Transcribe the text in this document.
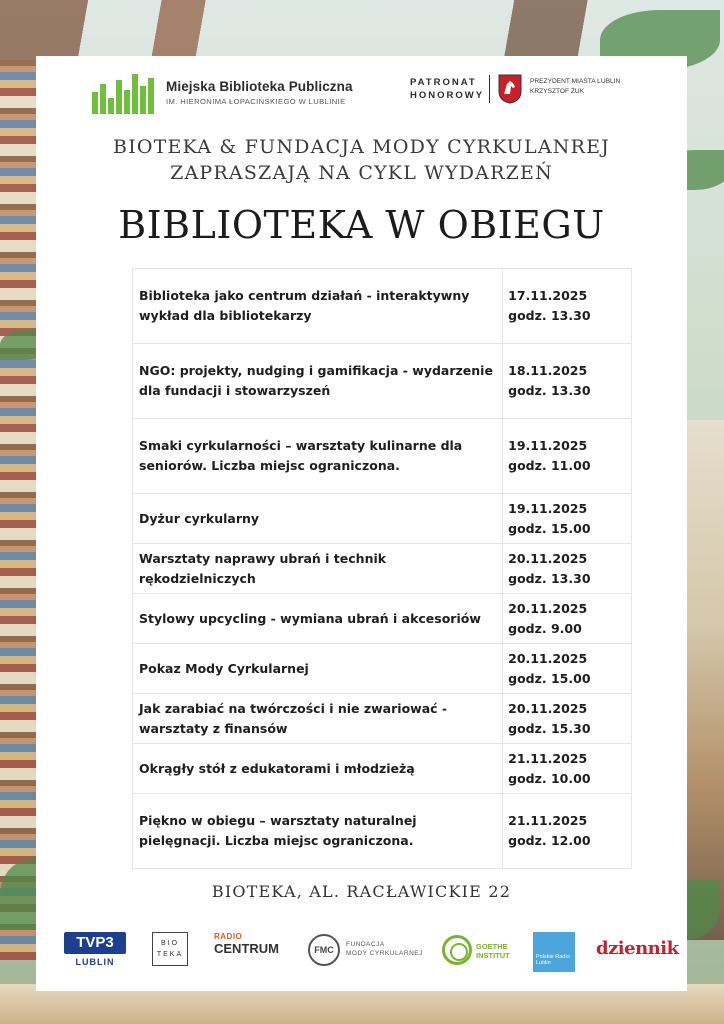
Miejska Biblioteka Publiczna
IM. HIERONIMA ŁOPACIŃSKIEGO W LUBLINIE
PATRONAT
HONOROWY
PREZYDENT MIASTA LUBLIN
KRZYSZTOF ŻUK
BIOTEKA & FUNDACJA MODY CYRKULANREJ
ZAPRASZAJĄ NA CYKL WYDARZEŃ
BIBLIOTEKA W OBIEGU
Biblioteka jako centrum działań - interaktywny wykład dla bibliotekarzy	17.11.2025
godz. 13.30

NGO: projekty, nudging i gamifikacja - wydarzenie dla fundacji i stowarzyszeń	18.11.2025
godz. 13.30

Smaki cyrkularności – warsztaty kulinarne dla seniorów. Liczba miejsc ograniczona.	19.11.2025
godz. 11.00

Dyżur cyrkularny	19.11.2025
godz. 15.00

Warsztaty naprawy ubrań i technik rękodzielniczych	20.11.2025
godz. 13.30

Stylowy upcycling - wymiana ubrań i akcesoriów	20.11.2025
godz. 9.00

Pokaz Mody Cyrkularnej	20.11.2025
godz. 15.00

Jak zarabiać na twórczości i nie zwariować - warsztaty z finansów	20.11.2025
godz. 15.30

Okrągły stół z edukatorami i młodzieżą	21.11.2025
godz. 10.00

Piękno w obiegu – warsztaty naturalnej pielęgnacji. Liczba miejsc ograniczona.	21.11.2025
godz. 12.00
BIOTEKA, AL. RACŁAWICKIE 22
TVP3
LUBLIN
BIO
TEKA
RADIO
CENTRUM	FMC
FUNDACJA
MODY CYRKULARNEJ
GOETHE
INSTITUT	Polskie Radio Lublin
dziennik
